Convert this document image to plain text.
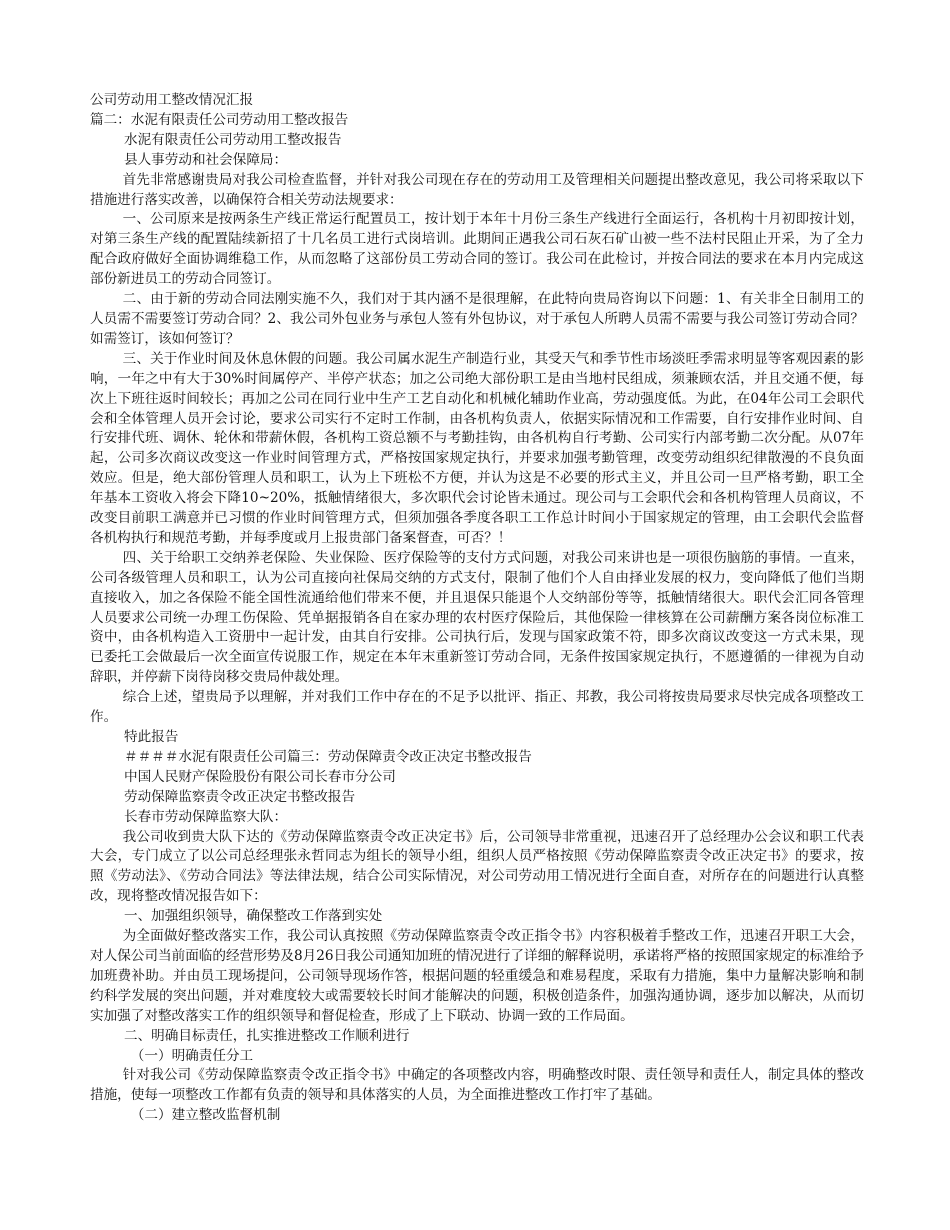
公司劳动用工整改情况汇报

篇二：水泥有限责任公司劳动用工整改报告

水泥有限责任公司劳动用工整改报告

县人事劳动和社会保障局：

首先非常感谢贵局对我公司检查监督，并针对我公司现在存在的劳动用工及管理相关问题提出整改意见，我公司将采取以下措施进行落实改善，以确保符合相关劳动法规要求：

一、公司原来是按两条生产线正常运行配置员工，按计划于本年十月份三条生产线进行全面运行，各机构十月初即按计划，对第三条生产线的配置陆续新招了十几名员工进行式岗培训。此期间正遇我公司石灰石矿山被一些不法村民阻止开采，为了全力配合政府做好全面协调维稳工作，从而忽略了这部份员工劳动合同的签订。我公司在此检讨，并按合同法的要求在本月内完成这部份新进员工的劳动合同签订。

二、由于新的劳动合同法刚实施不久，我们对于其内涵不是很理解，在此特向贵局咨询以下问题：1、有关非全日制用工的人员需不需要签订劳动合同？2、我公司外包业务与承包人签有外包协议，对于承包人所聘人员需不需要与我公司签订劳动合同？如需签订，该如何签订？

三、关于作业时间及休息休假的问题。我公司属水泥生产制造行业，其受天气和季节性市场淡旺季需求明显等客观因素的影响，一年之中有大于30%时间属停产、半停产状态；加之公司绝大部份职工是由当地村民组成，须兼顾农活，并且交通不便，每次上下班往返时间较长；再加之公司在同行业中生产工艺自动化和机械化辅助作业高，劳动强度低。为此，在04年公司工会职代会和全体管理人员开会讨论，要求公司实行不定时工作制，由各机构负责人，依据实际情况和工作需要，自行安排作业时间、自行安排代班、调休、轮休和带薪休假，各机构工资总额不与考勤挂钩，由各机构自行考勤、公司实行内部考勤二次分配。从07年起，公司多次商议改变这一作业时间管理方式，严格按国家规定执行，并要求加强考勤管理，改变劳动组织纪律散漫的不良负面效应。但是，绝大部份管理人员和职工，认为上下班松不方便，并认为这是不必要的形式主义，并且公司一旦严格考勤，职工全年基本工资收入将会下降10~20%，抵触情绪很大，多次职代会讨论皆未通过。现公司与工会职代会和各机构管理人员商议，不改变目前职工满意并已习惯的作业时间管理方式，但须加强各季度各职工工作总计时间小于国家规定的管理，由工会职代会监督各机构执行和规范考勤，并每季度或月上报贵部门备案督查，可否？！

四、关于给职工交纳养老保险、失业保险、医疗保险等的支付方式问题，对我公司来讲也是一项很伤脑筋的事情。一直来，公司各级管理人员和职工，认为公司直接向社保局交纳的方式支付，限制了他们个人自由择业发展的权力，变向降低了他们当期直接收入，加之各保险不能全国性流通给他们带来不便，并且退保只能退个人交纳部份等等，抵触情绪很大。职代会汇同各管理人员要求公司统一办理工伤保险、凭单据报销各自在家办理的农村医疗保险后，其他保险一律核算在公司薪酬方案各岗位标准工资中，由各机构造入工资册中一起计发，由其自行安排。公司执行后，发现与国家政策不符，即多次商议改变这一方式未果，现已委托工会做最后一次全面宣传说服工作，规定在本年末重新签订劳动合同，无条件按国家规定执行，不愿遵循的一律视为自动辞职，并停薪下岗待岗移交贵局仲裁处理。

综合上述，望贵局予以理解，并对我们工作中存在的不足予以批评、指正、邦教，我公司将按贵局要求尽快完成各项整改工作。

特此报告

＃＃＃＃水泥有限责任公司篇三：劳动保障责令改正决定书整改报告

中国人民财产保险股份有限公司长春市分公司

劳动保障监察责令改正决定书整改报告

长春市劳动保障监察大队：

我公司收到贵大队下达的《劳动保障监察责令改正决定书》后，公司领导非常重视，迅速召开了总经理办公会议和职工代表大会，专门成立了以公司总经理张永哲同志为组长的领导小组，组织人员严格按照《劳动保障监察责令改正决定书》的要求，按照《劳动法》、《劳动合同法》等法律法规，结合公司实际情况，对公司劳动用工情况进行全面自查，对所存在的问题进行认真整改，现将整改情况报告如下：

一、加强组织领导，确保整改工作落到实处

为全面做好整改落实工作，我公司认真按照《劳动保障监察责令改正指令书》内容积极着手整改工作，迅速召开职工大会，对人保公司当前面临的经营形势及8月26日我公司通知加班的情况进行了详细的解释说明，承诺将严格的按照国家规定的标准给予加班费补助。并由员工现场提问，公司领导现场作答，根据问题的轻重缓急和难易程度，采取有力措施，集中力量解决影响和制约科学发展的突出问题，并对难度较大或需要较长时间才能解决的问题，积极创造条件，加强沟通协调，逐步加以解决，从而切实加强了对整改落实工作的组织领导和督促检查，形成了上下联动、协调一致的工作局面。

二、明确目标责任，扎实推进整改工作顺利进行

（一）明确责任分工

针对我公司《劳动保障监察责令改正指令书》中确定的各项整改内容，明确整改时限、责任领导和责任人，制定具体的整改措施，使每一项整改工作都有负责的领导和具体落实的人员，为全面推进整改工作打牢了基础。

（二）建立整改监督机制
